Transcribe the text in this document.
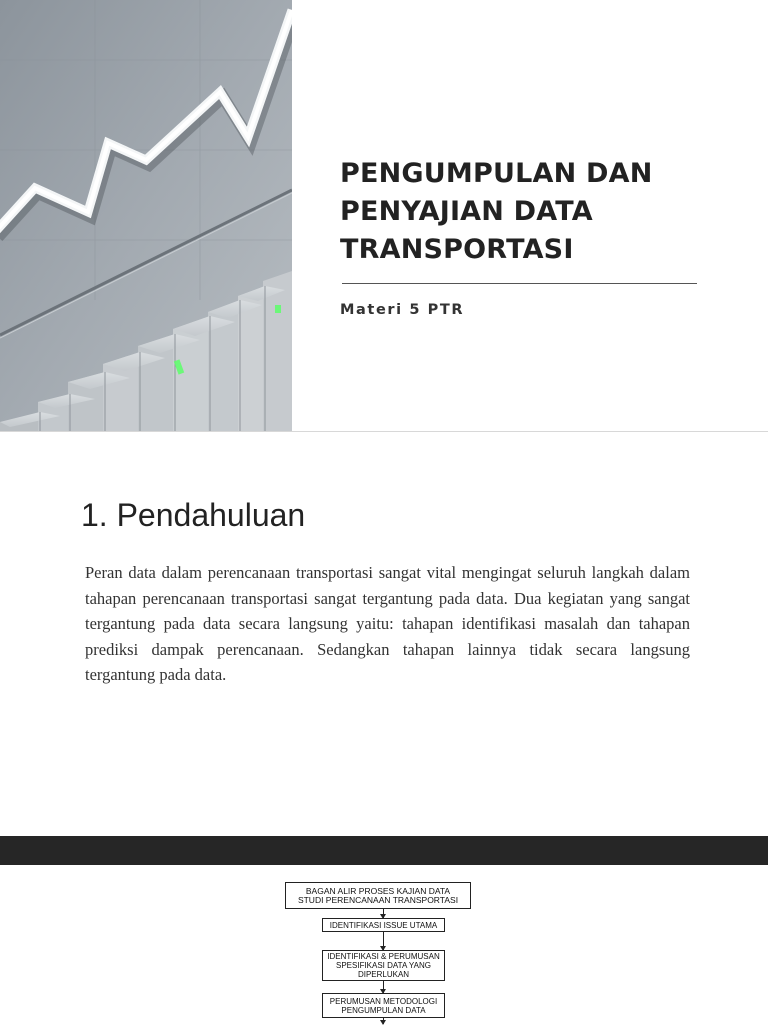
PENGUMPULAN DAN PENYAJIAN DATA TRANSPORTASI
Materi 5 PTR
1. Pendahuluan

Peran data dalam perencanaan transportasi sangat vital mengingat seluruh langkah dalam tahapan perencanaan transportasi sangat tergantung pada data. Dua kegiatan yang sangat tergantung pada data secara langsung yaitu: tahapan identifikasi masalah dan tahapan prediksi dampak perencanaan. Sedangkan tahapan lainnya tidak secara langsung tergantung pada data.

BAGAN ALIR PROSES KAJIAN DATA
STUDI PERENCANAAN TRANSPORTASI
IDENTIFIKASI ISSUE UTAMA
IDENTIFIKASI & PERUMUSAN
SPESIFIKASI DATA YANG
DIPERLUKAN
PERUMUSAN METODOLOGI
PENGUMPULAN DATA
